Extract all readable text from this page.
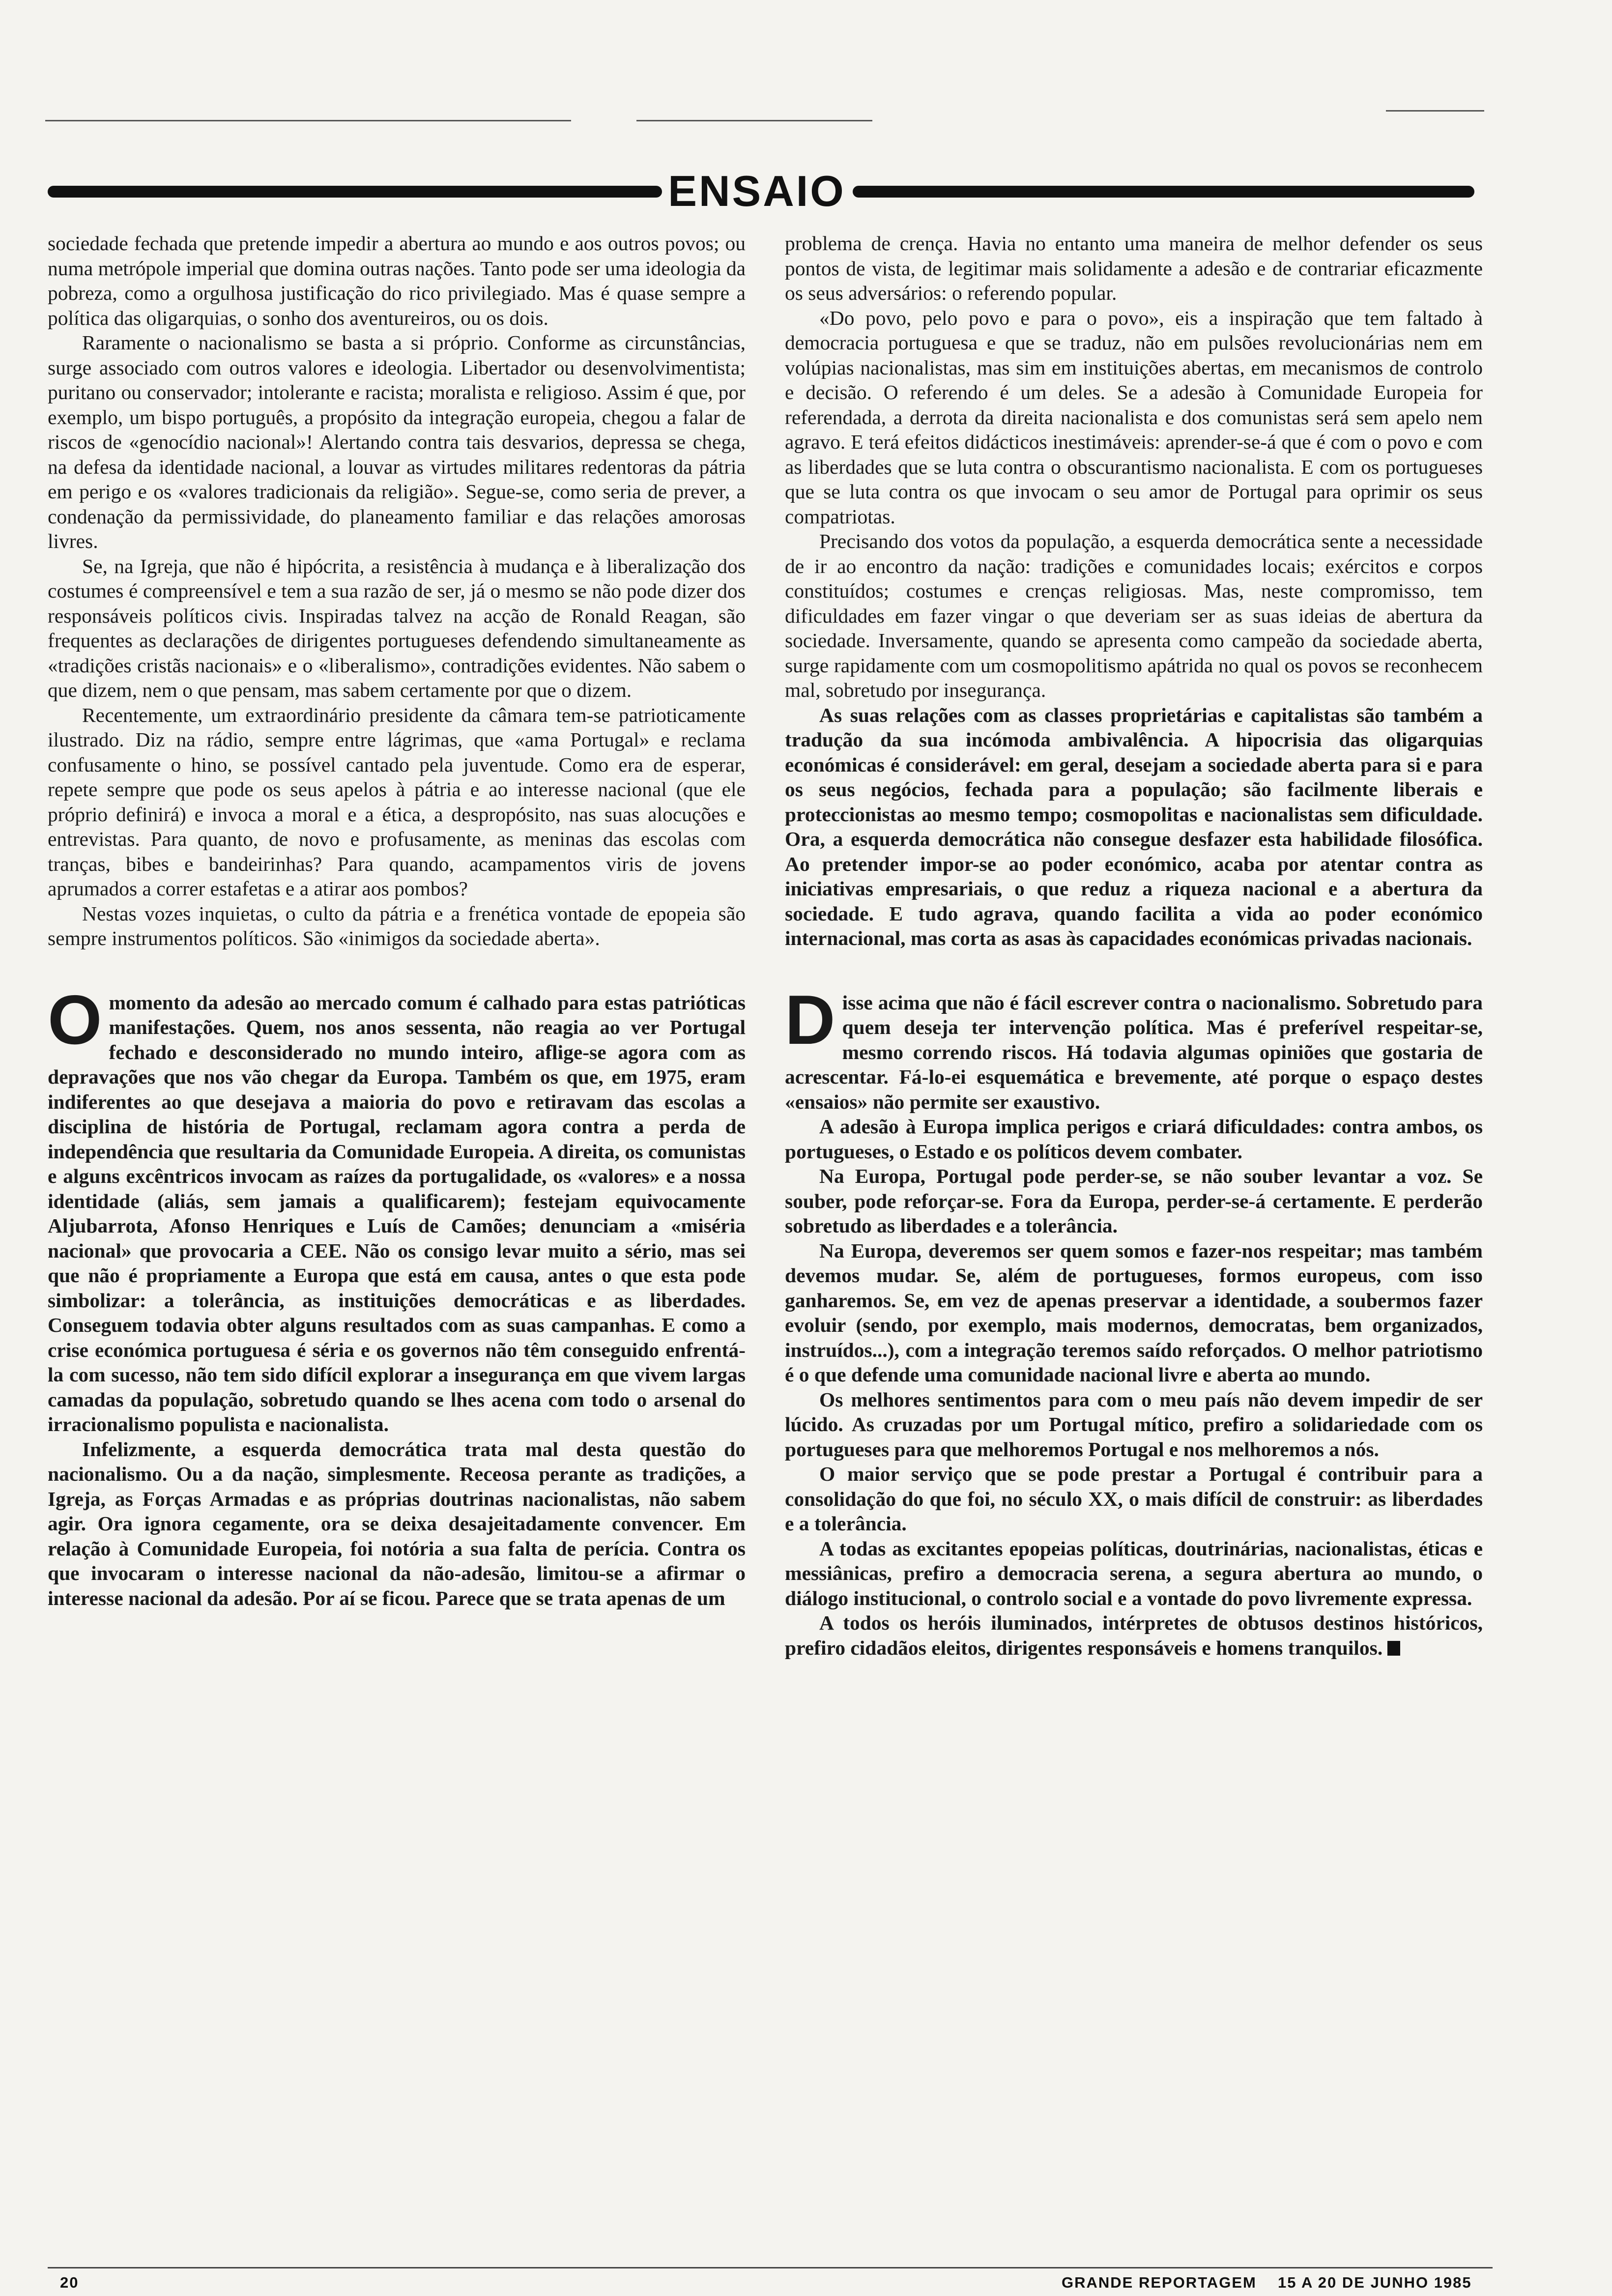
ENSAIO

sociedade fechada que pretende impedir a abertura ao mundo e aos outros povos; ou numa metrópole imperial que domina outras nações. Tanto pode ser uma ideologia da pobreza, como a orgulhosa justificação do rico privilegiado. Mas é quase sempre a política das oligarquias, o sonho dos aventureiros, ou os dois.

Raramente o nacionalismo se basta a si próprio. Conforme as circunstâncias, surge associado com outros valores e ideologia. Libertador ou desenvolvimentista; puritano ou conservador; intolerante e racista; moralista e religioso. Assim é que, por exemplo, um bispo português, a propósito da integração europeia, chegou a falar de riscos de «genocídio nacional»! Alertando contra tais desvarios, depressa se chega, na defesa da identidade nacional, a louvar as virtudes militares redentoras da pátria em perigo e os «valores tradicionais da religião». Segue-se, como seria de prever, a condenação da permissividade, do planeamento familiar e das relações amorosas livres.

Se, na Igreja, que não é hipócrita, a resistência à mudança e à liberalização dos costumes é compreensível e tem a sua razão de ser, já o mesmo se não pode dizer dos responsáveis políticos civis. Inspiradas talvez na acção de Ronald Reagan, são frequentes as declarações de dirigentes portugueses defendendo simultaneamente as «tradições cristãs nacionais» e o «liberalismo», contradições evidentes. Não sabem o que dizem, nem o que pensam, mas sabem certamente por que o dizem.

Recentemente, um extraordinário presidente da câmara tem-se patrioticamente ilustrado. Diz na rádio, sempre entre lágrimas, que «ama Portugal» e reclama confusamente o hino, se possível cantado pela juventude. Como era de esperar, repete sempre que pode os seus apelos à pátria e ao interesse nacional (que ele próprio definirá) e invoca a moral e a ética, a despropósito, nas suas alocuções e entrevistas. Para quanto, de novo e profusamente, as meninas das escolas com tranças, bibes e bandeirinhas? Para quando, acampamentos viris de jovens aprumados a correr estafetas e a atirar aos pombos?

Nestas vozes inquietas, o culto da pátria e a frenética vontade de epopeia são sempre instrumentos políticos. São «inimigos da sociedade aberta».

Omomento da adesão ao mercado comum é calhado para estas patrióticas manifestações. Quem, nos anos sessenta, não reagia ao ver Portugal fechado e desconsiderado no mundo inteiro, aflige-se agora com as depravações que nos vão chegar da Europa. Também os que, em 1975, eram indiferentes ao que desejava a maioria do povo e retiravam das escolas a disciplina de história de Portugal, reclamam agora contra a perda de independência que resultaria da Comunidade Europeia. A direita, os comunistas e alguns excêntricos invocam as raízes da portugalidade, os «valores» e a nossa identidade (aliás, sem jamais a qualificarem); festejam equivocamente Aljubarrota, Afonso Henriques e Luís de Camões; denunciam a «miséria nacional» que provocaria a CEE. Não os consigo levar muito a sério, mas sei que não é propriamente a Europa que está em causa, antes o que esta pode simbolizar: a tolerância, as instituições democráticas e as liberdades. Conseguem todavia obter alguns resultados com as suas campanhas. E como a crise económica portuguesa é séria e os governos não têm conseguido enfrentá-la com sucesso, não tem sido difícil explorar a insegurança em que vivem largas camadas da população, sobretudo quando se lhes acena com todo o arsenal do irracionalismo populista e nacionalista.

Infelizmente, a esquerda democrática trata mal desta questão do nacionalismo. Ou a da nação, simplesmente. Receosa perante as tradições, a Igreja, as Forças Armadas e as próprias doutrinas nacionalistas, não sabem agir. Ora ignora cegamente, ora se deixa desajeitadamente convencer. Em relação à Comunidade Europeia, foi notória a sua falta de perícia. Contra os que invocaram o interesse nacional da não-adesão, limitou-se a afirmar o interesse nacional da adesão. Por aí se ficou. Parece que se trata apenas de um

problema de crença. Havia no entanto uma maneira de melhor defender os seus pontos de vista, de legitimar mais solidamente a adesão e de contrariar eficazmente os seus adversários: o referendo popular.

«Do povo, pelo povo e para o povo», eis a inspiração que tem faltado à democracia portuguesa e que se traduz, não em pulsões revolucionárias nem em volúpias nacionalistas, mas sim em instituições abertas, em mecanismos de controlo e decisão. O referendo é um deles. Se a adesão à Comunidade Europeia for referendada, a derrota da direita nacionalista e dos comunistas será sem apelo nem agravo. E terá efeitos didácticos inestimáveis: aprender-se-á que é com o povo e com as liberdades que se luta contra o obscurantismo nacionalista. E com os portugueses que se luta contra os que invocam o seu amor de Portugal para oprimir os seus compatriotas.

Precisando dos votos da população, a esquerda democrática sente a necessidade de ir ao encontro da nação: tradições e comunidades locais; exércitos e corpos constituídos; costumes e crenças religiosas. Mas, neste compromisso, tem dificuldades em fazer vingar o que deveriam ser as suas ideias de abertura da sociedade. Inversamente, quando se apresenta como campeão da sociedade aberta, surge rapidamente com um cosmopolitismo apátrida no qual os povos se reconhecem mal, sobretudo por insegurança.

As suas relações com as classes proprietárias e capitalistas são também a tradução da sua incómoda ambivalência. A hipocrisia das oligarquias económicas é considerável: em geral, desejam a sociedade aberta para si e para os seus negócios, fechada para a população; são facilmente liberais e proteccionistas ao mesmo tempo; cosmopolitas e nacionalistas sem dificuldade. Ora, a esquerda democrática não consegue desfazer esta habilidade filosófica. Ao pretender impor-se ao poder económico, acaba por atentar contra as iniciativas empresariais, o que reduz a riqueza nacional e a abertura da sociedade. E tudo agrava, quando facilita a vida ao poder económico internacional, mas corta as asas às capacidades económicas privadas nacionais.

Disse acima que não é fácil escrever contra o nacionalismo. Sobretudo para quem deseja ter intervenção política. Mas é preferível respeitar-se, mesmo correndo riscos. Há todavia algumas opiniões que gostaria de acrescentar. Fá-lo-ei esquemática e brevemente, até porque o espaço destes «ensaios» não permite ser exaustivo.

A adesão à Europa implica perigos e criará dificuldades: contra ambos, os portugueses, o Estado e os políticos devem combater.

Na Europa, Portugal pode perder-se, se não souber levantar a voz. Se souber, pode reforçar-se. Fora da Europa, perder-se-á certamente. E perderão sobretudo as liberdades e a tolerância.

Na Europa, deveremos ser quem somos e fazer-nos respeitar; mas também devemos mudar. Se, além de portugueses, formos europeus, com isso ganharemos. Se, em vez de apenas preservar a identidade, a soubermos fazer evoluir (sendo, por exemplo, mais modernos, democratas, bem organizados, instruídos...), com a integração teremos saído reforçados. O melhor patriotismo é o que defende uma comunidade nacional livre e aberta ao mundo.

Os melhores sentimentos para com o meu país não devem impedir de ser lúcido. As cruzadas por um Portugal mítico, prefiro a solidariedade com os portugueses para que melhoremos Portugal e nos melhoremos a nós.

O maior serviço que se pode prestar a Portugal é contribuir para a consolidação do que foi, no século XX, o mais difícil de construir: as liberdades e a tolerância.

A todas as excitantes epopeias políticas, doutrinárias, nacionalistas, éticas e messiânicas, prefiro a democracia serena, a segura abertura ao mundo, o diálogo institucional, o controlo social e a vontade do povo livremente expressa.

A todos os heróis iluminados, intérpretes de obtusos destinos históricos, prefiro cidadãos eleitos, dirigentes responsáveis e homens tranquilos.

20	GRANDE REPORTAGEM 15 A 20 DE JUNHO 1985
